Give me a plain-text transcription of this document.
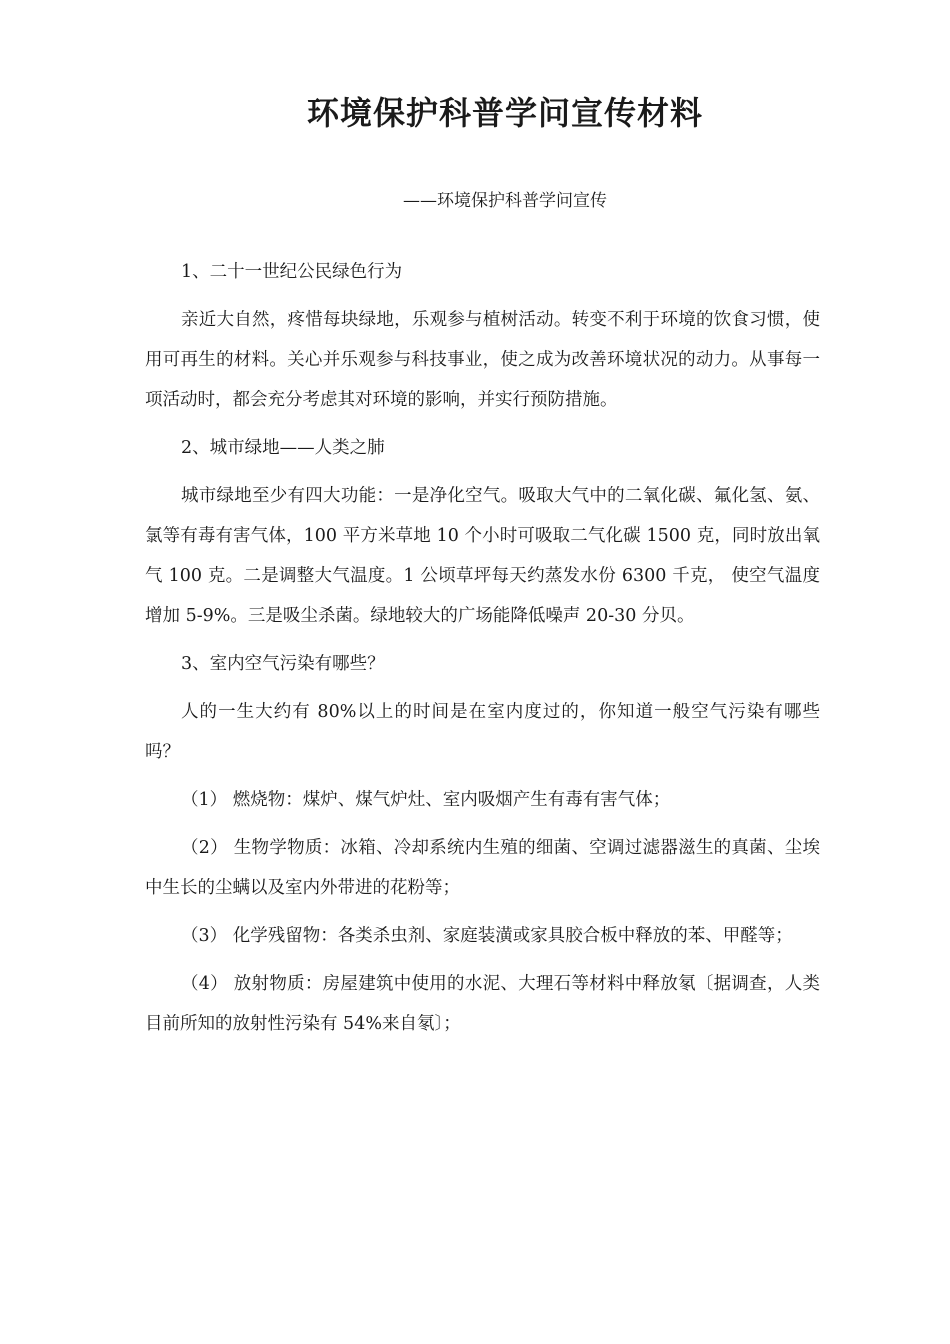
环境保护科普学问宣传材料

——环境保护科普学问宣传

1、二十一世纪公民绿色行为

亲近大自然，疼惜每块绿地，乐观参与植树活动。转变不利于环境的饮食习惯，使用可再生的材料。关心并乐观参与科技事业，使之成为改善环境状况的动力。从事每一项活动时，都会充分考虑其对环境的影响，并实行预防措施。

2、城市绿地——人类之肺

城市绿地至少有四大功能：一是净化空气。吸取大气中的二氧化碳、氟化氢、氨、氯等有毒有害气体，100 平方米草地 10 个小时可吸取二气化碳 1500 克，同时放出氧气 100 克。二是调整大气温度。1 公顷草坪每天约蒸发水份 6300 千克， 使空气温度增加 5-9%。三是吸尘杀菌。绿地较大的广场能降低噪声 20-30 分贝。

3、室内空气污染有哪些？

人的一生大约有 80%以上的时间是在室内度过的，你知道一般空气污染有哪些吗？

（1） 燃烧物：煤炉、煤气炉灶、室内吸烟产生有毒有害气体；

（2） 生物学物质：冰箱、冷却系统内生殖的细菌、空调过滤器滋生的真菌、尘埃中生长的尘螨以及室内外带进的花粉等；

（3） 化学残留物：各类杀虫剂、家庭装潢或家具胶合板中释放的苯、甲醛等；

（4） 放射物质：房屋建筑中使用的水泥、大理石等材料中释放氡〔据调查，人类目前所知的放射性污染有 54%来自氡〕；
